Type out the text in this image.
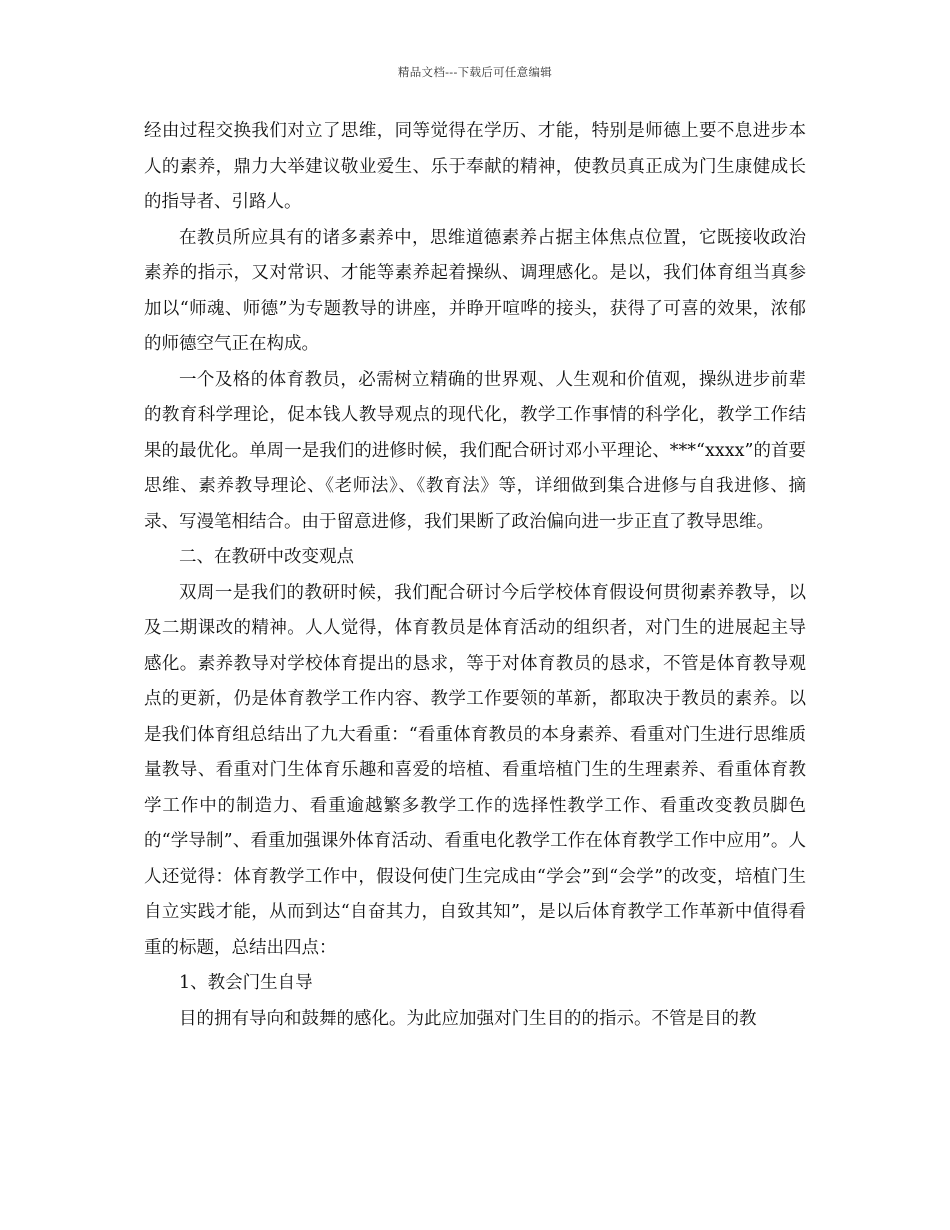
精品文档---下载后可任意编辑

经由过程交换我们对立了思维，同等觉得在学历、才能，特别是师德上要不息进步本人的素养，鼎力大举建议敬业爱生、乐于奉献的精神，使教员真正成为门生康健成长的指导者、引路人。

在教员所应具有的诸多素养中，思维道德素养占据主体焦点位置，它既接收政治素养的指示，又对常识、才能等素养起着操纵、调理感化。是以，我们体育组当真参加以“师魂、师德”为专题教导的讲座，并睁开喧哗的接头，获得了可喜的效果，浓郁的师德空气正在构成。

一个及格的体育教员，必需树立精确的世界观、人生观和价值观，操纵进步前辈的教育科学理论，促本钱人教导观点的现代化，教学工作事情的科学化，教学工作结果的最优化。单周一是我们的进修时候，我们配合研讨邓小平理论、***“xxxx”的首要思维、素养教导理论、《老师法》、《教育法》等，详细做到集合进修与自我进修、摘录、写漫笔相结合。由于留意进修，我们果断了政治偏向进一步正直了教导思维。

二、在教研中改变观点

双周一是我们的教研时候，我们配合研讨今后学校体育假设何贯彻素养教导，以及二期课改的精神。人人觉得，体育教员是体育活动的组织者，对门生的进展起主导感化。素养教导对学校体育提出的恳求，等于对体育教员的恳求，不管是体育教导观点的更新，仍是体育教学工作内容、教学工作要领的革新，都取决于教员的素养。以是我们体育组总结出了九大看重：“看重体育教员的本身素养、看重对门生进行思维质量教导、看重对门生体育乐趣和喜爱的培植、看重培植门生的生理素养、看重体育教学工作中的制造力、看重逾越繁多教学工作的选择性教学工作、看重改变教员脚色的“学导制”、看重加强课外体育活动、看重电化教学工作在体育教学工作中应用”。人人还觉得：体育教学工作中，假设何使门生完成由“学会”到“会学”的改变，培植门生自立实践才能，从而到达“自奋其力，自致其知”，是以后体育教学工作革新中值得看重的标题，总结出四点：

1、教会门生自导

目的拥有导向和鼓舞的感化。为此应加强对门生目的的指示。不管是目的教
